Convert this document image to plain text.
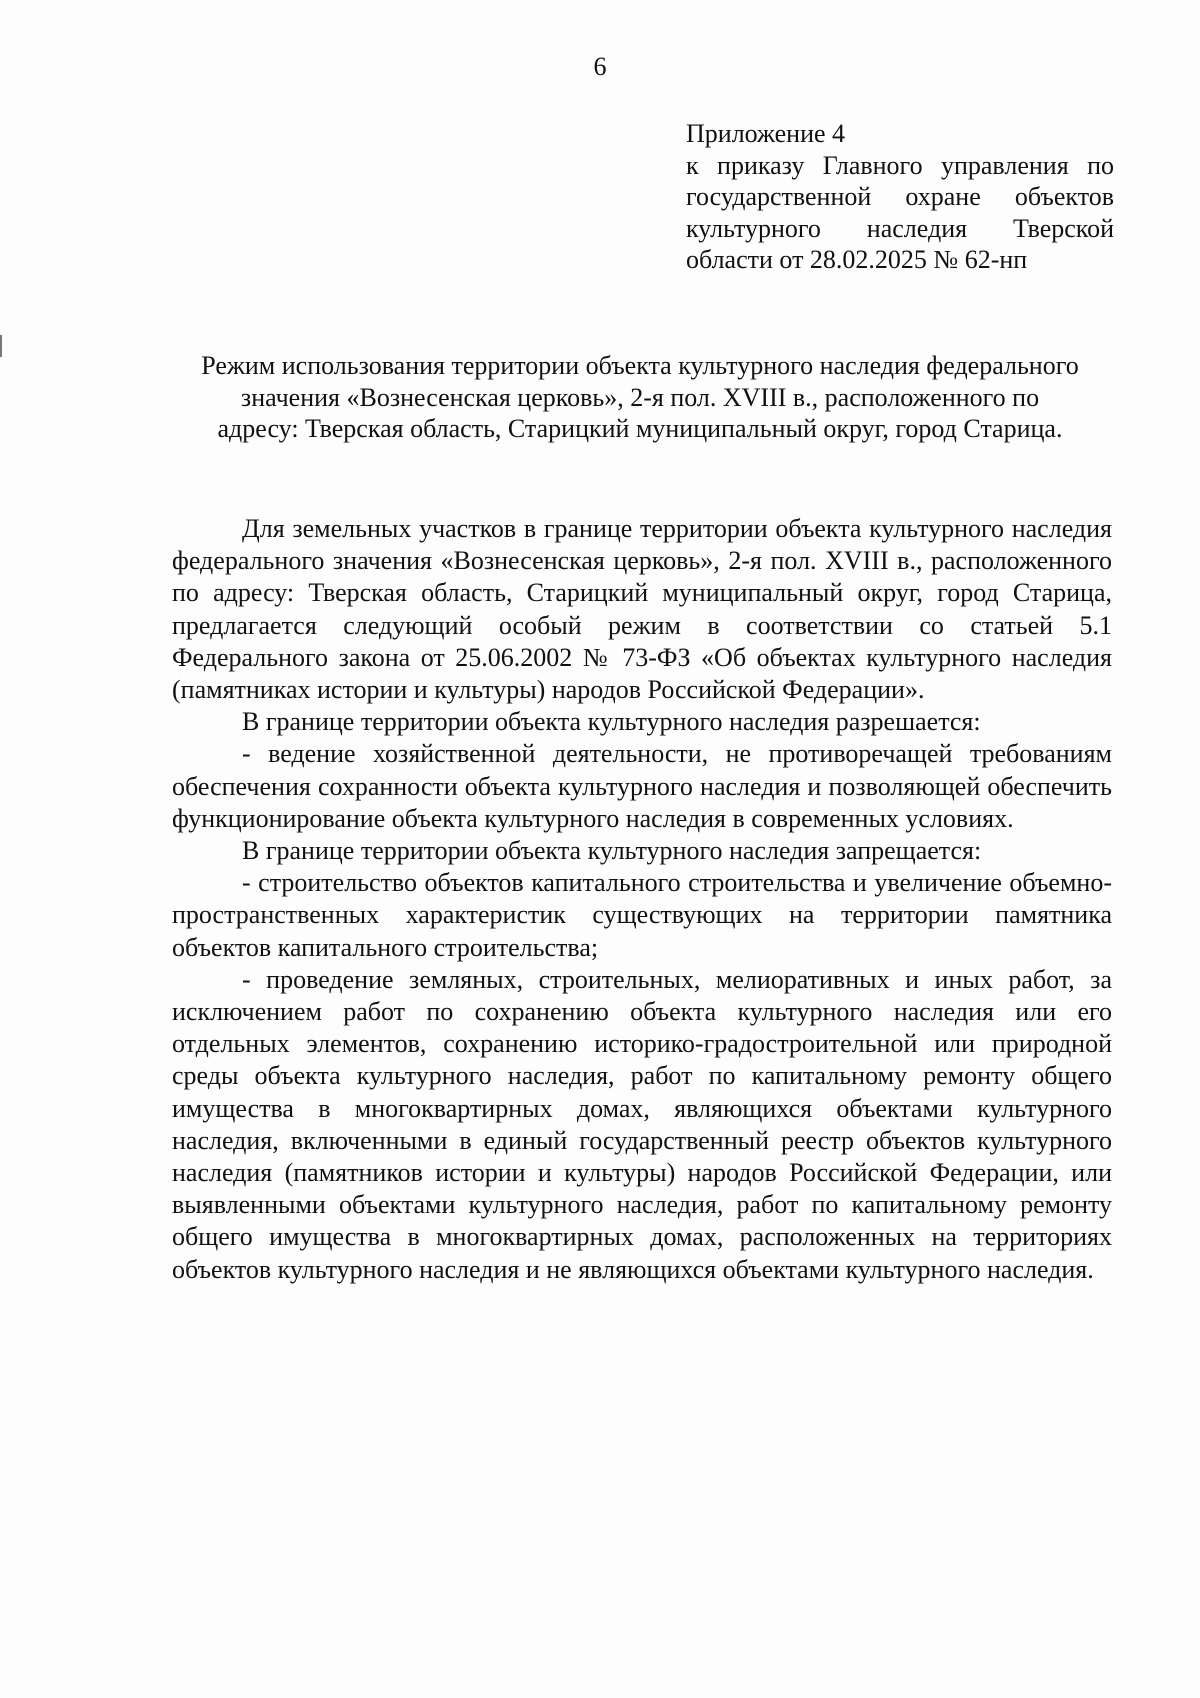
6
Приложение 4
к приказу Главного управления по государственной охране объектов культурного наследия Тверской области от 28.02.2025 № 62-нп
Режим использования территории объекта культурного наследия федерального значения «Вознесенская церковь», 2-я пол. XVIII в., расположенного по адресу: Тверская область, Старицкий муниципальный округ, город Старица.

Для земельных участков в границе территории объекта культурного наследия федерального значения «Вознесенская церковь», 2-я пол. XVIII в., расположенного по адресу: Тверская область, Старицкий муниципальный округ, город Старица, предлагается следующий особый режим в соответствии со статьей 5.1 Федерального закона от 25.06.2002 № 73-ФЗ «Об объектах культурного наследия (памятниках истории и культуры) народов Российской Федерации».

В границе территории объекта культурного наследия разрешается:

- ведение хозяйственной деятельности, не противоречащей требованиям обеспечения сохранности объекта культурного наследия и позволяющей обеспечить функционирование объекта культурного наследия в современных условиях.

В границе территории объекта культурного наследия запрещается:

- строительство объектов капитального строительства и увеличение объемно-пространственных характеристик существующих на территории памятника объектов капитального строительства;

- проведение земляных, строительных, мелиоративных и иных работ, за исключением работ по сохранению объекта культурного наследия или его отдельных элементов, сохранению историко-градостроительной или природной среды объекта культурного наследия, работ по капитальному ремонту общего имущества в многоквартирных домах, являющихся объектами культурного наследия, включенными в единый государственный реестр объектов культурного наследия (памятников истории и культуры) народов Российской Федерации, или выявленными объектами культурного наследия, работ по капитальному ремонту общего имущества в многоквартирных домах, расположенных на территориях объектов культурного наследия и не являющихся объектами культурного наследия.
